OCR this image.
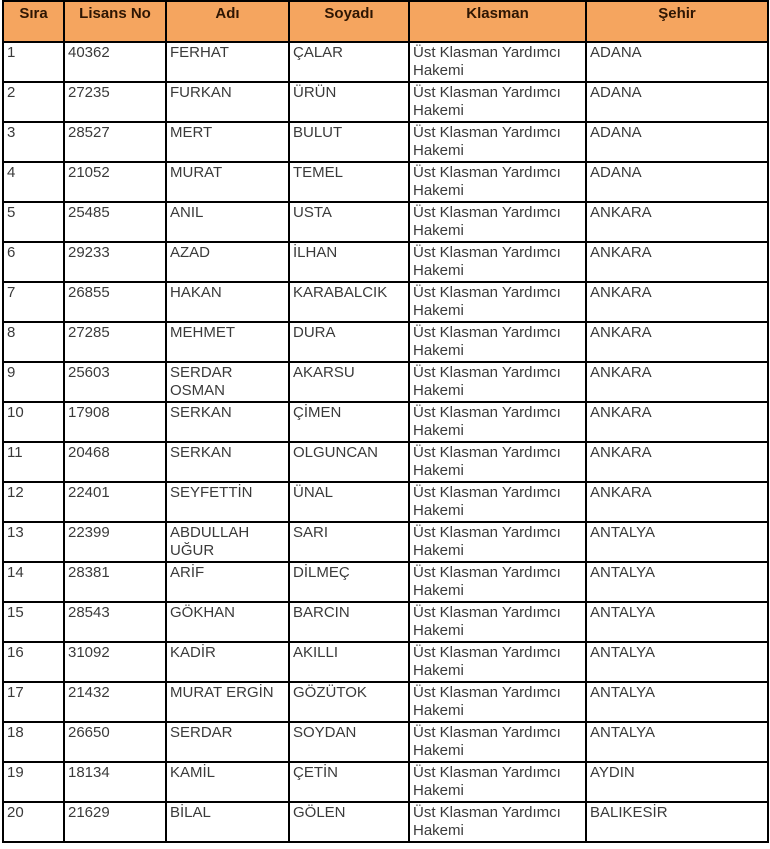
Sıra	Lisans No	Adı	Soyadı	Klasman	Şehir
1	40362	FERHAT	ÇALAR	Üst Klasman Yardımcı Hakemi	ADANA
2	27235	FURKAN	ÜRÜN	Üst Klasman Yardımcı Hakemi	ADANA
3	28527	MERT	BULUT	Üst Klasman Yardımcı Hakemi	ADANA
4	21052	MURAT	TEMEL	Üst Klasman Yardımcı Hakemi	ADANA
5	25485	ANIL	USTA	Üst Klasman Yardımcı Hakemi	ANKARA
6	29233	AZAD	İLHAN	Üst Klasman Yardımcı Hakemi	ANKARA
7	26855	HAKAN	KARABALCIK	Üst Klasman Yardımcı Hakemi	ANKARA
8	27285	MEHMET	DURA	Üst Klasman Yardımcı Hakemi	ANKARA
9	25603	SERDAR OSMAN	AKARSU	Üst Klasman Yardımcı Hakemi	ANKARA
10	17908	SERKAN	ÇİMEN	Üst Klasman Yardımcı Hakemi	ANKARA
11	20468	SERKAN	OLGUNCAN	Üst Klasman Yardımcı Hakemi	ANKARA
12	22401	SEYFETTİN	ÜNAL	Üst Klasman Yardımcı Hakemi	ANKARA
13	22399	ABDULLAH UĞUR	SARI	Üst Klasman Yardımcı Hakemi	ANTALYA
14	28381	ARİF	DİLMEÇ	Üst Klasman Yardımcı Hakemi	ANTALYA
15	28543	GÖKHAN	BARCIN	Üst Klasman Yardımcı Hakemi	ANTALYA
16	31092	KADİR	AKILLI	Üst Klasman Yardımcı Hakemi	ANTALYA
17	21432	MURAT ERGİN	GÖZÜTOK	Üst Klasman Yardımcı Hakemi	ANTALYA
18	26650	SERDAR	SOYDAN	Üst Klasman Yardımcı Hakemi	ANTALYA
19	18134	KAMİL	ÇETİN	Üst Klasman Yardımcı Hakemi	AYDIN
20	21629	BİLAL	GÖLEN	Üst Klasman Yardımcı Hakemi	BALIKESİR
